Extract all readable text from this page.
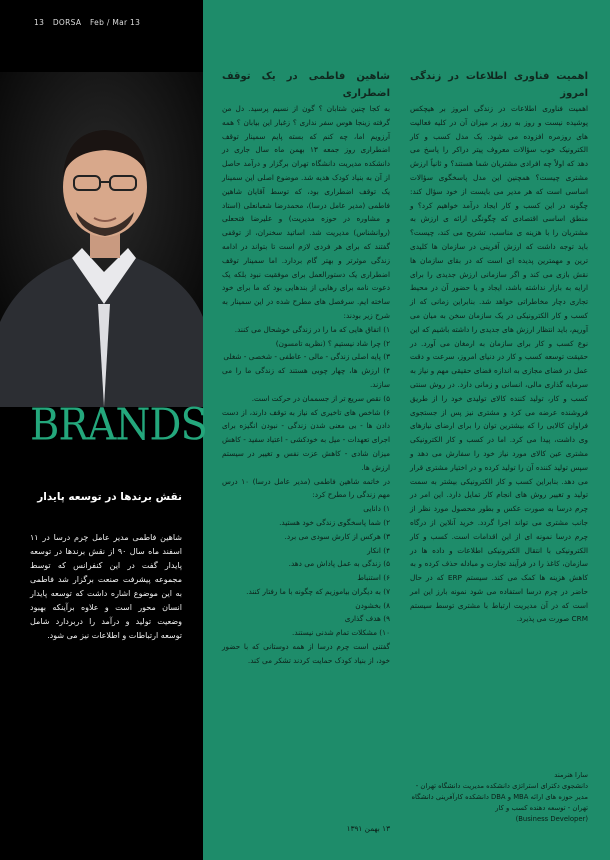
13 DORSA Feb / Mar 13
نقش برندها در توسعه پایدار
شاهین فاطمی مدیر عامل چرم درسا در ۱۱ اسفند ماه سال ۹۰ از نقش برندها در توسعه پایدار گفت در این کنفرانس که توسط مجموعه پیشرفت صنعت برگزار شد فاطمی به این موضوع اشاره داشت که توسعه پایدار انسان محور است و علاوه برآینکه بهبود وضعیت تولید و درآمد را دربردارد شامل توسعه ارتباطات و اطلاعات نیز می شود.
BRANDS

اهمیت فناوری اطلاعات در زندگی امروز

اهمیت فناوری اطلاعات در زندگی امروز بر هیچکس پوشیده نیست و روز به روز بر میزان آن در کلیه فعالیت های روزمره افزوده می شود. یک مدل کسب و کار الکترونیک خوب سؤالات معروف پیتر دراکر را پاسخ می دهد که اولاً چه افرادی مشتریان شما هستند؟ و ثانیاً ارزش مشتری چیست؟ همچنین این مدل پاسخگوی سؤالات اساسی است که هر مدیر می بایست از خود سؤال کند: چگونه در این کسب و کار ایجاد درآمد خواهیم کرد؟ و منطق اساسی اقتصادی که چگونگی ارائه ی ارزش به مشتریان را با هزینه ی مناسب، تشریح می کند، چیست؟ باید توجه داشت که ارزش آفرینی در سازمان ها کلیدی ترین و مهمترین پدیده ای است که در بقای سازمان ها نقش بازی می کند و اگر سازمانی ارزش جدیدی را برای ارایه به بازار نداشته باشد، ایجاد و یا حضور آن در محیط تجاری دچار مخاطراتی خواهد شد. بنابراین زمانی که از کسب و کار الکترونیکی در یک سازمان سخن به میان می آوریم، باید انتظار ارزش های جدیدی را داشته باشیم که این نوع کسب و کار برای سازمان به ارمغان می آورد. در حقیقت توسعه کسب و کار در دنیای امروز، سرعت و دقت عمل در فضای مجازی به اندازه فضای حقیقی مهم و نیاز به سرمایه گذاری مالی، انسانی و زمانی دارد. در روش سنتی کسب و کار، تولید کننده کالای تولیدی خود را از طریق فروشنده عرضه می کرد و مشتری نیز پس از جستجوی فراوان کالایی را که بیشترین توان را برای ارضای نیازهای وی داشت، پیدا می کرد. اما در کسب و کار الکترونیکی مشتری عین کالای مورد نیاز خود را سفارش می دهد و سپس تولید کننده آن را تولید کرده و در اختیار مشتری قرار می دهد. بنابراین کسب و کار الکترونیکی بیشتر به سمت تولید و تغییر روش های انجام کار تمایل دارد. این امر در چرم درسا به صورت عکس و بطور محصول مورد نظر از جانب مشتری می تواند اجرا گردد. خرید آنلاین از درگاه چرم درسا نمونه ای از این اقدامات است. کسب و کار الکترونیکی با انتقال الکترونیکی اطلاعات و داده ها در سازمان، کاغذ را در فرآیند تجارت و مبادله حذف کرده و به کاهش هزینه ها کمک می کند. سیستم ERP که در حال حاضر در چرم درسا استفاده می شود نمونه بارز این امر است که در آن مدیریت ارتباط با مشتری توسط سیستم CRM صورت می پذیرد.

سارا هنرمند
دانشجوی دکترای استراتژی دانشکده مدیریت دانشگاه تهران - مدیر حوزه های ارائه MBA و DBA دانشکده کارآفرینی دانشگاه تهران - توسعه دهنده کسب و کار
(Business Developer)

شاهین فاطمی در یک توقف اضطراری

به کجا چنین شتابان ؟ گون از نسیم پرسید. دل من گرفته زینجا هوس سفر نداری ؟ زغبار این بیابان ؟ همه آرزویم اما، چه کنم که بسته پایم سمینار توقف اضطراری روز جمعه ۱۳ بهمن ماه سال جاری در دانشکده مدیریت دانشگاه تهران برگزار و درآمد حاصل از آن به بنیاد کودک هدیه شد. موضوع اصلی این سمینار یک توقف اضطراری بود، که توسط آقایان شاهین فاطمی (مدیر عامل درسا)، محمدرضا شعبانعلی (استاد و مشاوره در حوزه مدیریت) و علیرضا فتحعلی (روانشناس) مدیریت شد. اساتید سخنران، از توقفی گفتند که برای هر فردی لازم است تا بتواند در ادامه زندگی موثرتر و بهتر گام بردارد. اما سمینار توقف اضطراری یک دستورالعمل برای موفقیت نبود بلکه یک دعوت نامه برای رهایی از بندهایی بود که ما برای خود ساخته ایم. سرفصل های مطرح شده در این سمینار به شرح زیر بودند:

۱) اتفاق هایی که ما را در زندگی خوشحال می کنند.

۲) چرا شاد نیستیم ؟ (نظریه تامسون)

۳) پایه اصلی زندگی - مالی - عاطفی - شخصی - شغلی

۴) ارزش ها، چهار چوبی هستند که زندگی ما را می سازند.

۵) نقص سریع تر از جسممان در حرکت است.

۶) شاخص های تاخیری که نیاز به توقف دارند، از دست دادن ها - بی معنی شدن زندگی - نبودن انگیزه برای اجرای تعهدات - میل به خودکشی - اعتیاد سفید - کاهش میزان شادی - کاهش عزت نفس و تغییر در سیستم ارزش ها.

در خاتمه شاهین فاطمی (مدیر عامل درسا) ۱۰ درس مهم زندگی را مطرح کرد:

۱) دانایی

۲) شما پاسخگوی زندگی خود هستید.

۳) هرکس از کارش سودی می برد.

۴) انکار

۵) زندگی به عمل پاداش می دهد.

۶) استنباط

۷) به دیگران بیاموزیم که چگونه با ما رفتار کنند.

۸) بخشودن

۹) هدف گذاری

۱۰) مشکلات تمام شدنی نیستند.

گفتنی است چرم درسا از همه دوستانی که با حضور خود، از بنیاد کودک حمایت کردند تشکر می کند.

۱۳ بهمن ۱۳۹۱
